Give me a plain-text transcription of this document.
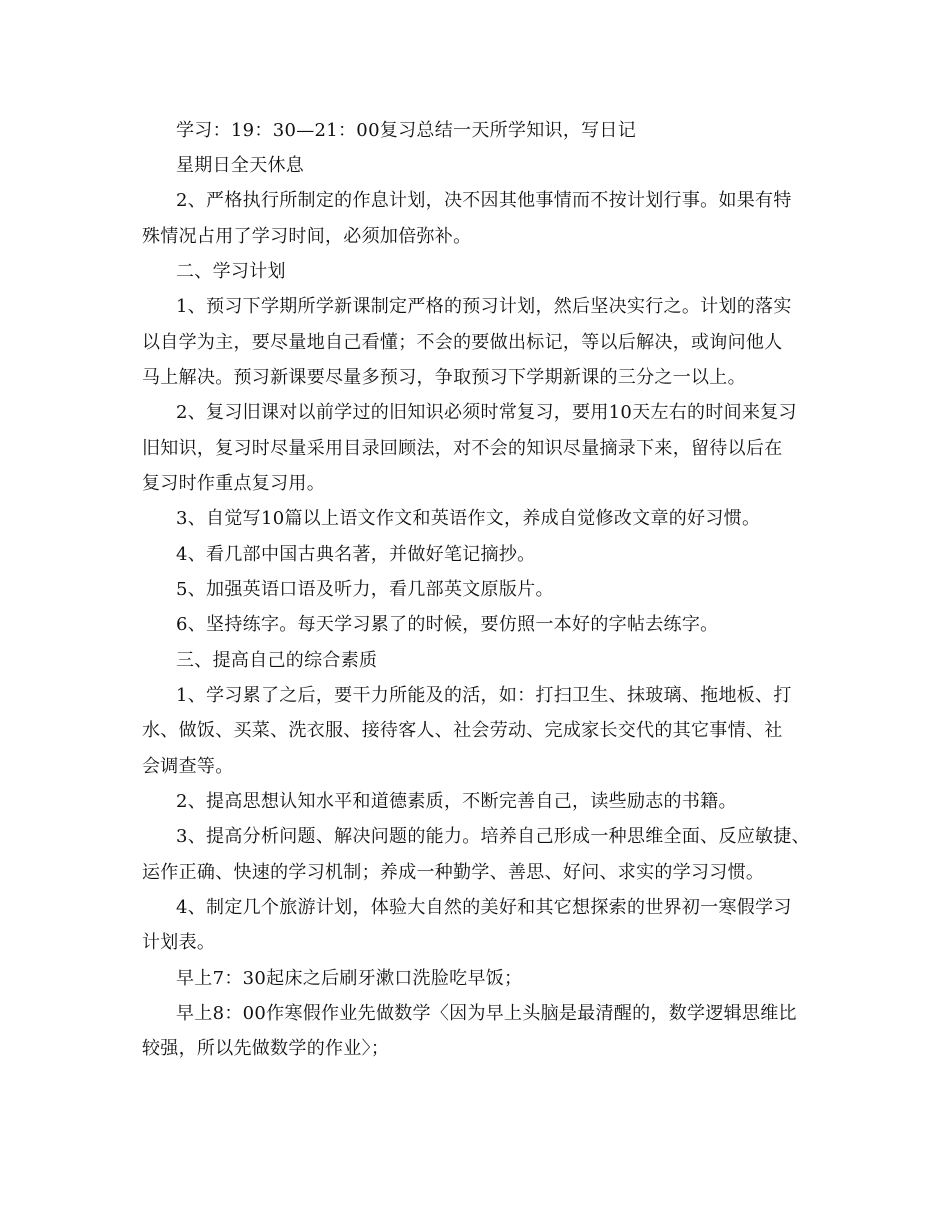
学习：19：30—21：00复习总结一天所学知识，写日记
星期日全天休息
2、严格执行所制定的作息计划，决不因其他事情而不按计划行事。如果有特
殊情况占用了学习时间，必须加倍弥补。
二、学习计划
1、预习下学期所学新课制定严格的预习计划，然后坚决实行之。计划的落实
以自学为主，要尽量地自己看懂；不会的要做出标记，等以后解决，或询问他人
马上解决。预习新课要尽量多预习，争取预习下学期新课的三分之一以上。
2、复习旧课对以前学过的旧知识必须时常复习，要用10天左右的时间来复习
旧知识，复习时尽量采用目录回顾法，对不会的知识尽量摘录下来，留待以后在
复习时作重点复习用。
3、自觉写10篇以上语文作文和英语作文，养成自觉修改文章的好习惯。
4、看几部中国古典名著，并做好笔记摘抄。
5、加强英语口语及听力，看几部英文原版片。
6、坚持练字。每天学习累了的时候，要仿照一本好的字帖去练字。
三、提高自己的综合素质
1、学习累了之后，要干力所能及的活，如：打扫卫生、抹玻璃、拖地板、打
水、做饭、买菜、洗衣服、接待客人、社会劳动、完成家长交代的其它事情、社
会调查等。
2、提高思想认知水平和道德素质，不断完善自己，读些励志的书籍。
3、提高分析问题、解决问题的能力。培养自己形成一种思维全面、反应敏捷、
运作正确、快速的学习机制；养成一种勤学、善思、好问、求实的学习习惯。
4、制定几个旅游计划，体验大自然的美好和其它想探索的世界初一寒假学习
计划表。
早上7：30起床之后刷牙漱口洗脸吃早饭；
早上8：00作寒假作业先做数学〈因为早上头脑是最清醒的，数学逻辑思维比
较强，所以先做数学的作业〉；
